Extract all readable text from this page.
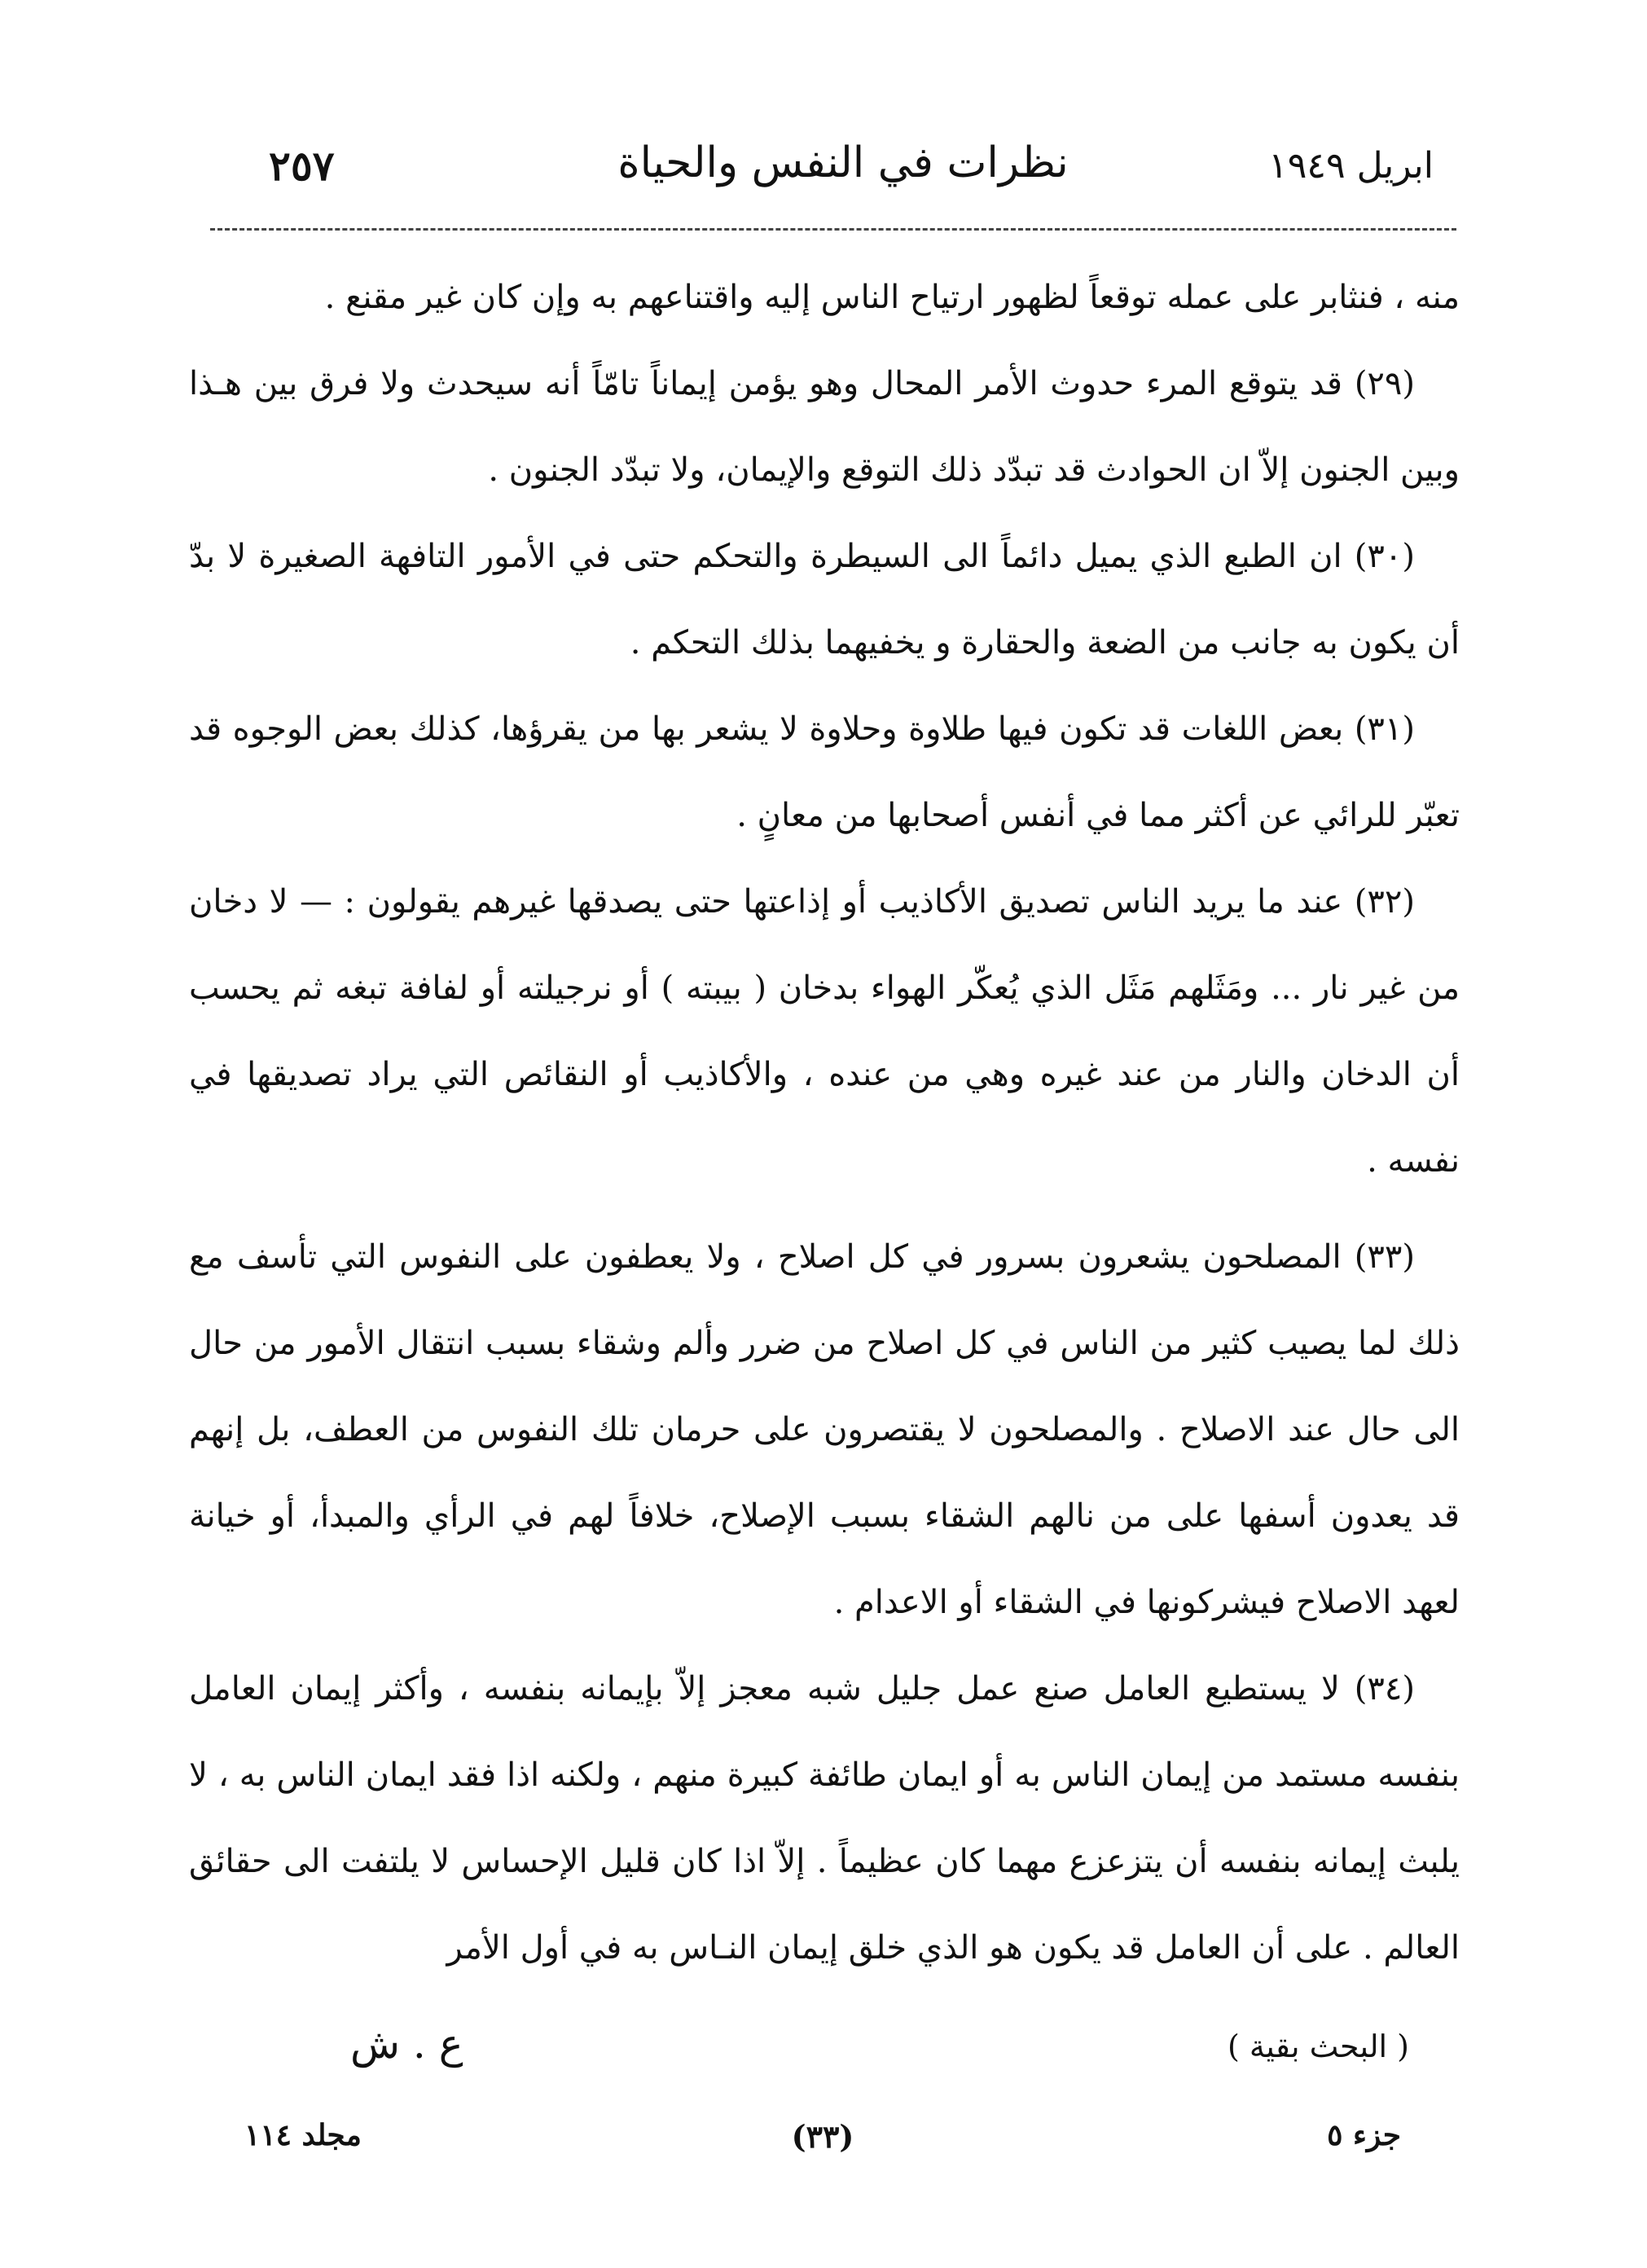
ابريل ١٩٤٩
نظرات في النفس والحياة
٢٥٧

منه ، فنثابر على عمله توقعاً لظهور ارتياح الناس إليه واقتناعهم به وإن كان غير مقنع .

(٢٩) قد يتوقع المرء حدوث الأمر المحال وهو يؤمن إيماناً تامّاً أنه سيحدث ولا فرق بين هـذا وبين الجنون إلاّ ان الحوادث قد تبدّد ذلك التوقع والإيمان، ولا تبدّد الجنون .

(٣٠) ان الطبع الذي يميل دائماً الى السيطرة والتحكم حتى في الأمور التافهة الصغيرة لا بدّ أن يكون به جانب من الضعة والحقارة و يخفيهما بذلك التحكم .

(٣١) بعض اللغات قد تكون فيها طلاوة وحلاوة لا يشعر بها من يقرؤها، كذلك بعض الوجوه قد تعبّر للرائي عن أكثر مما في أنفس أصحابها من معانٍ .

(٣٢) عند ما يريد الناس تصديق الأكاذيب أو إذاعتها حتى يصدقها غيرهم يقولون : — لا دخان من غير نار ... ومَثَلهم مَثَل الذي يُعكّر الهواء بدخان ( بيبته ) أو نرجيلته أو لفافة تبغه ثم يحسب أن الدخان والنار من عند غيره وهي من عنده ، والأكاذيب أو النقائص التي يراد تصديقها في نفسه .

(٣٣) المصلحون يشعرون بسرور في كل اصلاح ، ولا يعطفون على النفوس التي تأسف مع ذلك لما يصيب كثير من الناس في كل اصلاح من ضرر وألم وشقاء بسبب انتقال الأمور من حال الى حال عند الاصلاح . والمصلحون لا يقتصرون على حرمان تلك النفوس من العطف، بل إنهم قد يعدون أسفها على من نالهم الشقاء بسبب الإصلاح، خلافاً لهم في الرأي والمبدأ، أو خيانة لعهد الاصلاح فيشركونها في الشقاء أو الاعدام .

(٣٤) لا يستطيع العامل صنع عمل جليل شبه معجز إلاّ بإيمانه بنفسه ، وأكثر إيمان العامل بنفسه مستمد من إيمان الناس به أو ايمان طائفة كبيرة منهم ، ولكنه اذا فقد ايمان الناس به ، لا يلبث إيمانه بنفسه أن يتزعزع مهما كان عظيماً . إلاّ اذا كان قليل الإحساس لا يلتفت الى حقائق العالم . على أن العامل قد يكون هو الذي خلق إيمان النـاس به في أول الأمر

( البحث بقية )
ع . ش
جزء ٥
(٣٣)
مجلد ١١٤
